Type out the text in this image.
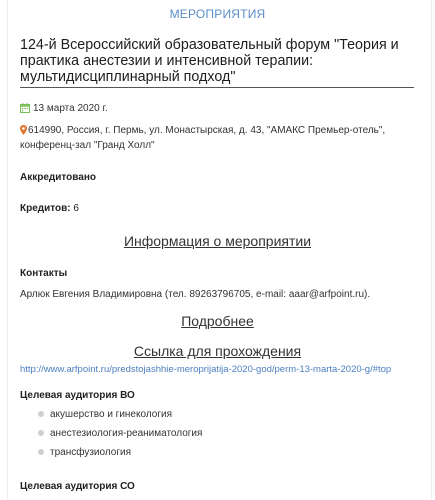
МЕРОПРИЯТИЯ
124-й Всероссийский образовательный форум "Теория и практика анестезии и интенсивной терапии: мультидисциплинарный подход"
13 марта 2020 г.
614990, Россия, г. Пермь, ул. Монастырская, д. 43, "АМАКС Премьер-отель", конференц-зал "Гранд Холл"
Аккредитовано
Кредитов: 6
Информация о мероприятии
Контакты
Арлюк Евгения Владимировна (тел. 89263796705, e-mail: aaar@arfpoint.ru).
Подробнее
Ссылка для прохождения
http://www.arfpoint.ru/predstojashhie-meroprijatija-2020-god/perm-13-marta-2020-g/#top
Целевая аудитория ВО
акушерство и гинекология
анестезиология-реаниматология
трансфузиология
Целевая аудитория СО
